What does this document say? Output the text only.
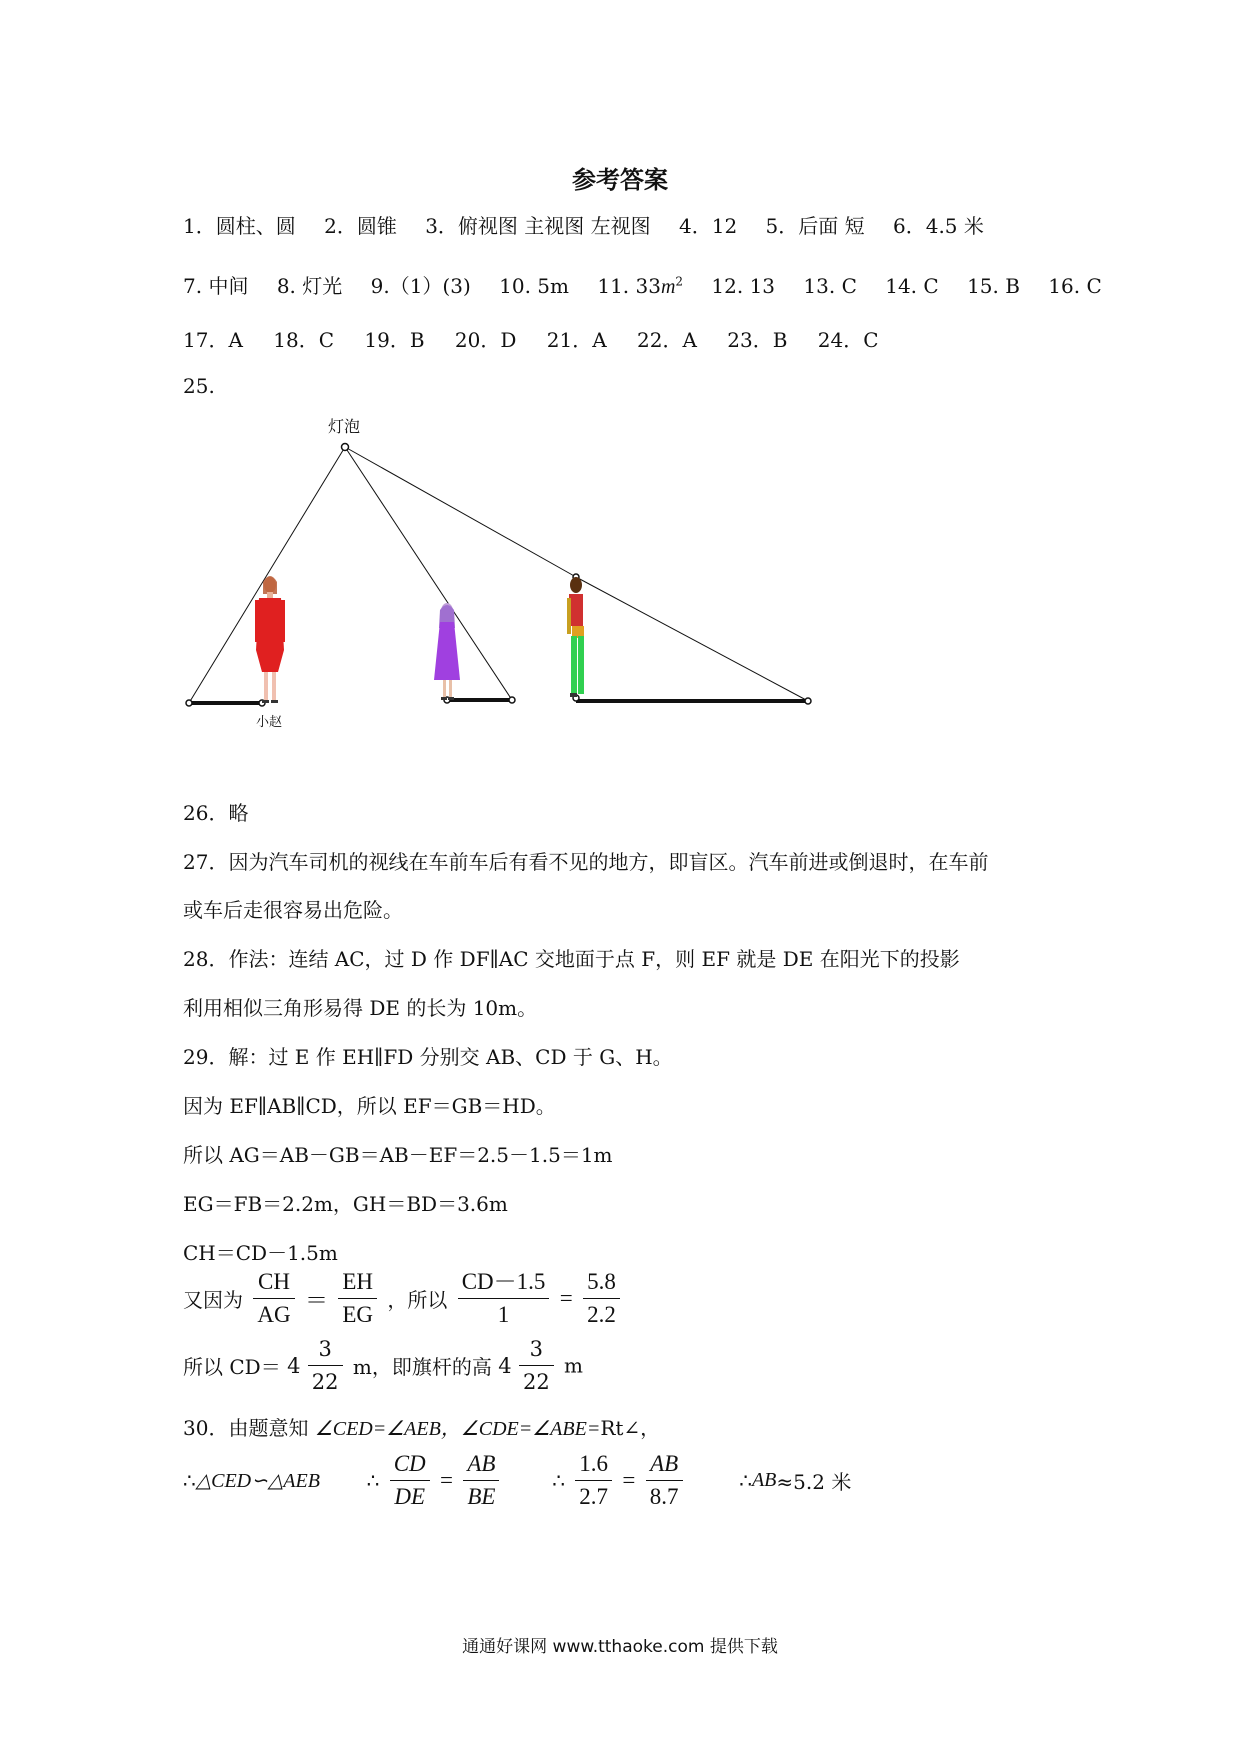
参考答案
1．圆柱、圆 2．圆锥 3．俯视图 主视图 左视图 4．12 5．后面 短 6．4.5 米
7. 中间 8. 灯光 9.（1）(3) 10. 5m 11. $33m^2$ 12. 13 13. C 14. C 15. B 16. C
17．A 18．C 19．B 20．D 21．A 22．A 23．B 24．C
25.
灯泡
小赵
26．略
27．因为汽车司机的视线在车前车后有看不见的地方，即盲区。汽车前进或倒退时，在车前
或车后走很容易出危险。
28．作法：连结 AC，过 D 作 DF∥AC 交地面于点 F，则 EF 就是 DE 在阳光下的投影
利用相似三角形易得 DE 的长为 10m。
29．解：过 E 作 EH∥FD 分别交 AB、CD 于 G、H。
因为 EF∥AB∥CD，所以 EF＝GB＝HD。
所以 AG＝AB－GB＝AB－EF＝2.5－1.5＝1m
EG＝FB＝2.2m，GH＝BD＝3.6m
CH＝CD－1.5m
又因为 $\frac{CH}{AG} = \frac{EH}{EG}$ ，所以 $\frac{CD-1.5}{1} = \frac{5.8}{2.2}$
所以 $CD= 4 \frac{3}{22}$ m，即旗杆的高 $4 \frac{3}{22}$ m
30．由题意知 ∠CED=∠AEB，∠CDE=∠ABE=Rt∠，
∴△CED∽△AEB ∴ $\frac{CD}{DE} = \frac{AB}{BE}$	∴ $\frac{1.6}{2.7} = \frac{AB}{8.7}$	∴AB≈5.2 米
通通好课网 www.tthaoke.com 提供下载
